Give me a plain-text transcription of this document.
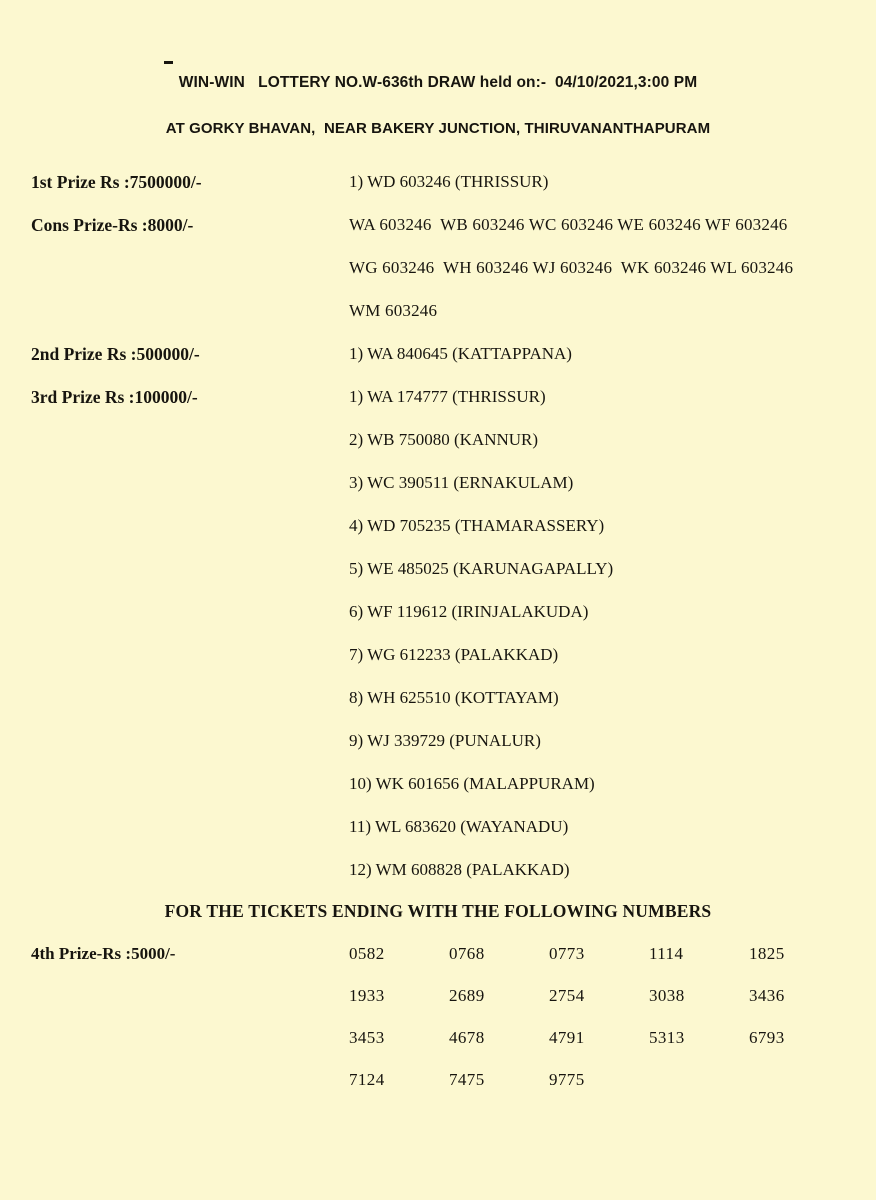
WIN-WIN   LOTTERY NO.W-636th DRAW held on:-  04/10/2021,3:00 PM
AT GORKY BHAVAN,  NEAR BAKERY JUNCTION, THIRUVANANTHAPURAM
1st Prize Rs :7500000/-	1) WD 603246 (THRISSUR)
Cons Prize-Rs :8000/-	WA 603246  WB 603246 WC 603246 WE 603246 WF 603246
WG 603246  WH 603246 WJ 603246  WK 603246 WL 603246
WM 603246
2nd Prize Rs :500000/-	1) WA 840645 (KATTAPPANA)
3rd Prize Rs :100000/-	1) WA 174777 (THRISSUR)
2) WB 750080 (KANNUR)
3) WC 390511 (ERNAKULAM)
4) WD 705235 (THAMARASSERY)
5) WE 485025 (KARUNAGAPALLY)
6) WF 119612 (IRINJALAKUDA)
7) WG 612233 (PALAKKAD)
8) WH 625510 (KOTTAYAM)
9) WJ 339729 (PUNALUR)
10) WK 601656 (MALAPPURAM)
11) WL 683620 (WAYANADU)
12) WM 608828 (PALAKKAD)
FOR THE TICKETS ENDING WITH THE FOLLOWING NUMBERS
4th Prize-Rs :5000/-	0582	0768	0773	1114	1825
1933	2689	2754	3038	3436
3453	4678	4791	5313	6793
7124	7475	9775
